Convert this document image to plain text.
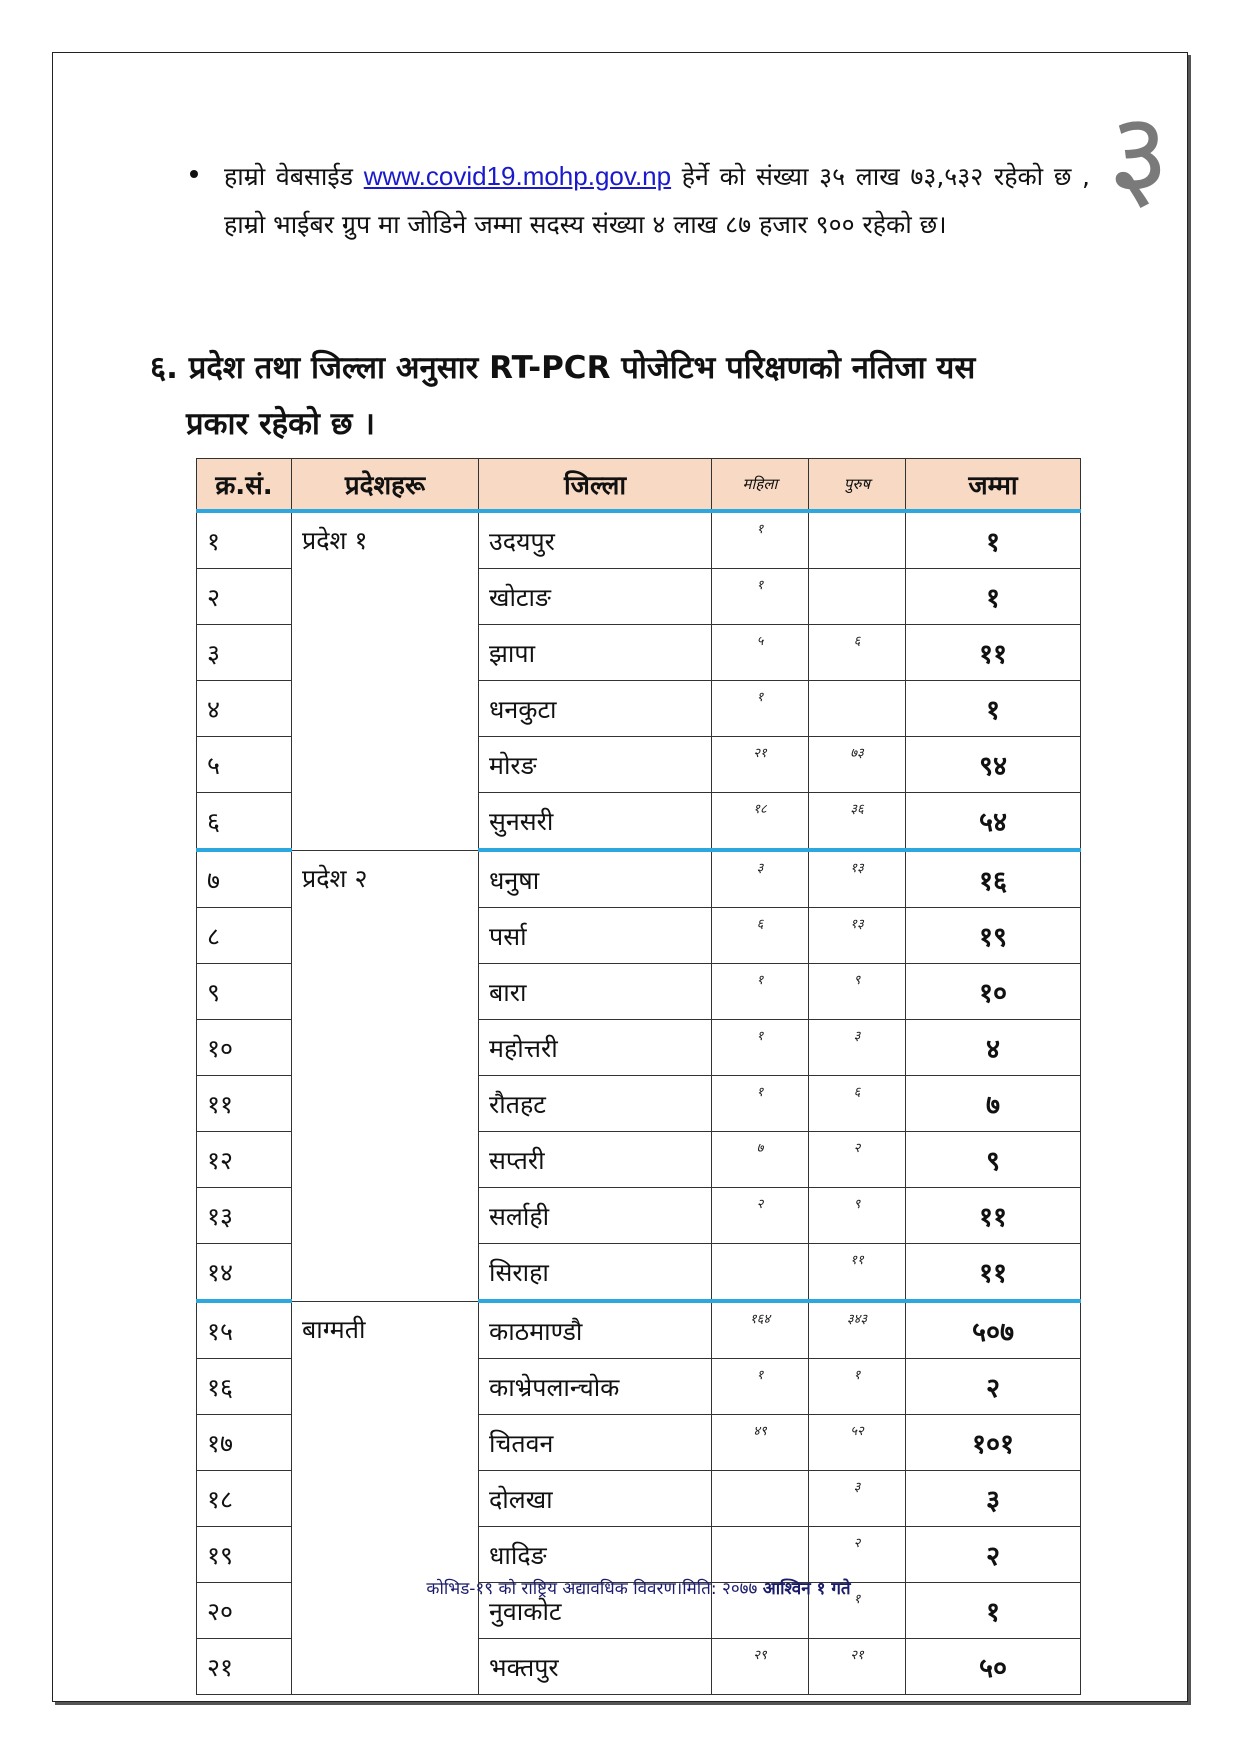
३
हाम्रो वेबसाईड www.covid19.mohp.gov.np हेर्ने को संख्या ३५ लाख ७३,५३२ रहेको छ , हाम्रो भाईबर ग्रुप मा जोडिने जम्मा सदस्य संख्या ४ लाख ८७ हजार ९०० रहेको छ।
६. प्रदेश तथा जिल्ला अनुसार RT-PCR पोजेटिभ परिक्षणको नतिजा यस
प्रकार रहेको छ ।
क्र.सं.	प्रदेशहरू	जिल्ला	महिला	पुरुष	जम्मा
१	प्रदेश १	उदयपुर	१		१
२		खोटाङ	१		१
३		झापा	५	६	११
४		धनकुटा	१		१
५		मोरङ	२१	७३	९४
६		सुनसरी	१८	३६	५४
७	प्रदेश २	धनुषा	३	१३	१६
८		पर्सा	६	१३	१९
९		बारा	१	९	१०
१०		महोत्तरी	१	३	४
११		रौतहट	१	६	७
१२		सप्तरी	७	२	९
१३		सर्लाही	२	९	११
१४		सिराहा		११	११
१५	बाग्मती	काठमाण्डौ	१६४	३४३	५०७
१६		काभ्रेपलान्चोक	१	१	२
१७		चितवन	४९	५२	१०१
१८		दोलखा		३	३
१९		धादिङ		२	२
२०		नुवाकोट		१	१
२१		भक्तपुर	२९	२१	५०
कोभिड-१९ को राष्ट्रिय अद्यावधिक विवरण।मिति: २०७७ आश्विन १ गते
